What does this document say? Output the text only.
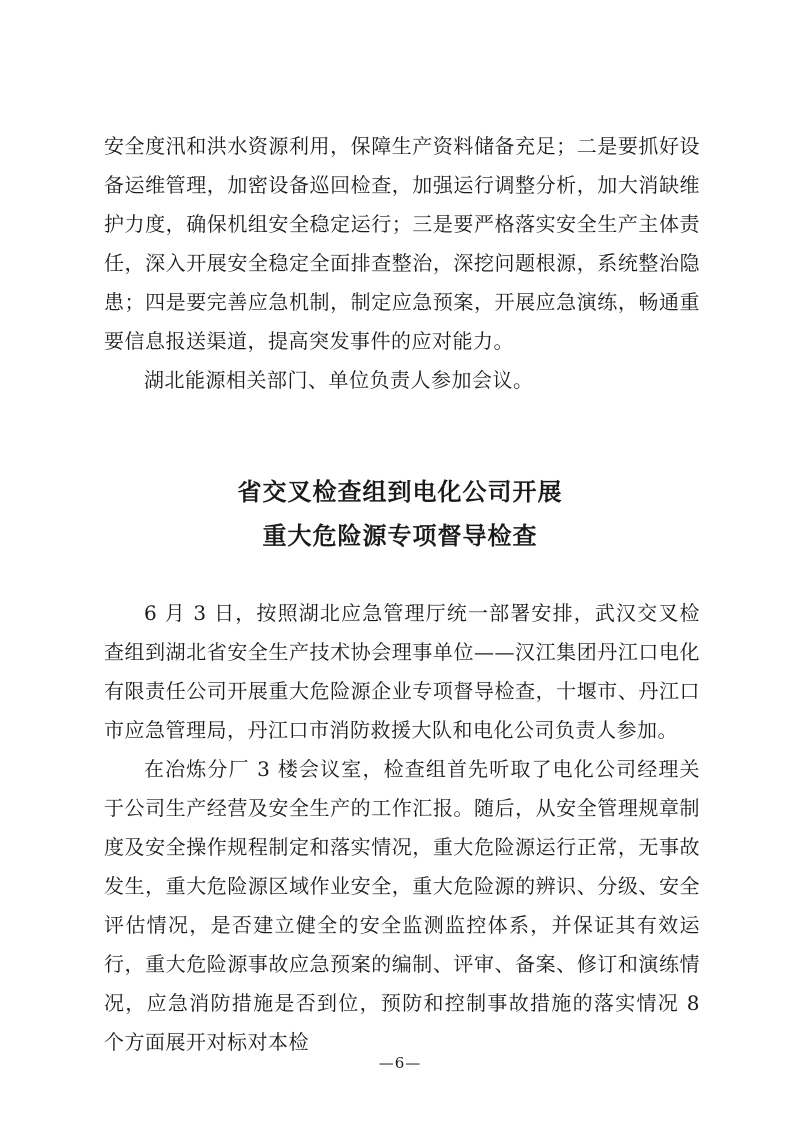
安全度汛和洪水资源利用，保障生产资料储备充足；二是要抓好设备运维管理，加密设备巡回检查，加强运行调整分析，加大消缺维护力度，确保机组安全稳定运行；三是要严格落实安全生产主体责任，深入开展安全稳定全面排查整治，深挖问题根源，系统整治隐患；四是要完善应急机制，制定应急预案，开展应急演练，畅通重要信息报送渠道，提高突发事件的应对能力。

湖北能源相关部门、单位负责人参加会议。

省交叉检查组到电化公司开展
重大危险源专项督导检查

6 月 3 日，按照湖北应急管理厅统一部署安排，武汉交叉检查组到湖北省安全生产技术协会理事单位——汉江集团丹江口电化有限责任公司开展重大危险源企业专项督导检查，十堰市、丹江口市应急管理局，丹江口市消防救援大队和电化公司负责人参加。

在冶炼分厂 3 楼会议室，检查组首先听取了电化公司经理关于公司生产经营及安全生产的工作汇报。随后，从安全管理规章制度及安全操作规程制定和落实情况，重大危险源运行正常，无事故发生，重大危险源区域作业安全，重大危险源的辨识、分级、安全评估情况，是否建立健全的安全监测监控体系，并保证其有效运行，重大危险源事故应急预案的编制、评审、备案、修订和演练情况，应急消防措施是否到位，预防和控制事故措施的落实情况 8 个方面展开对标对本检

—6—
